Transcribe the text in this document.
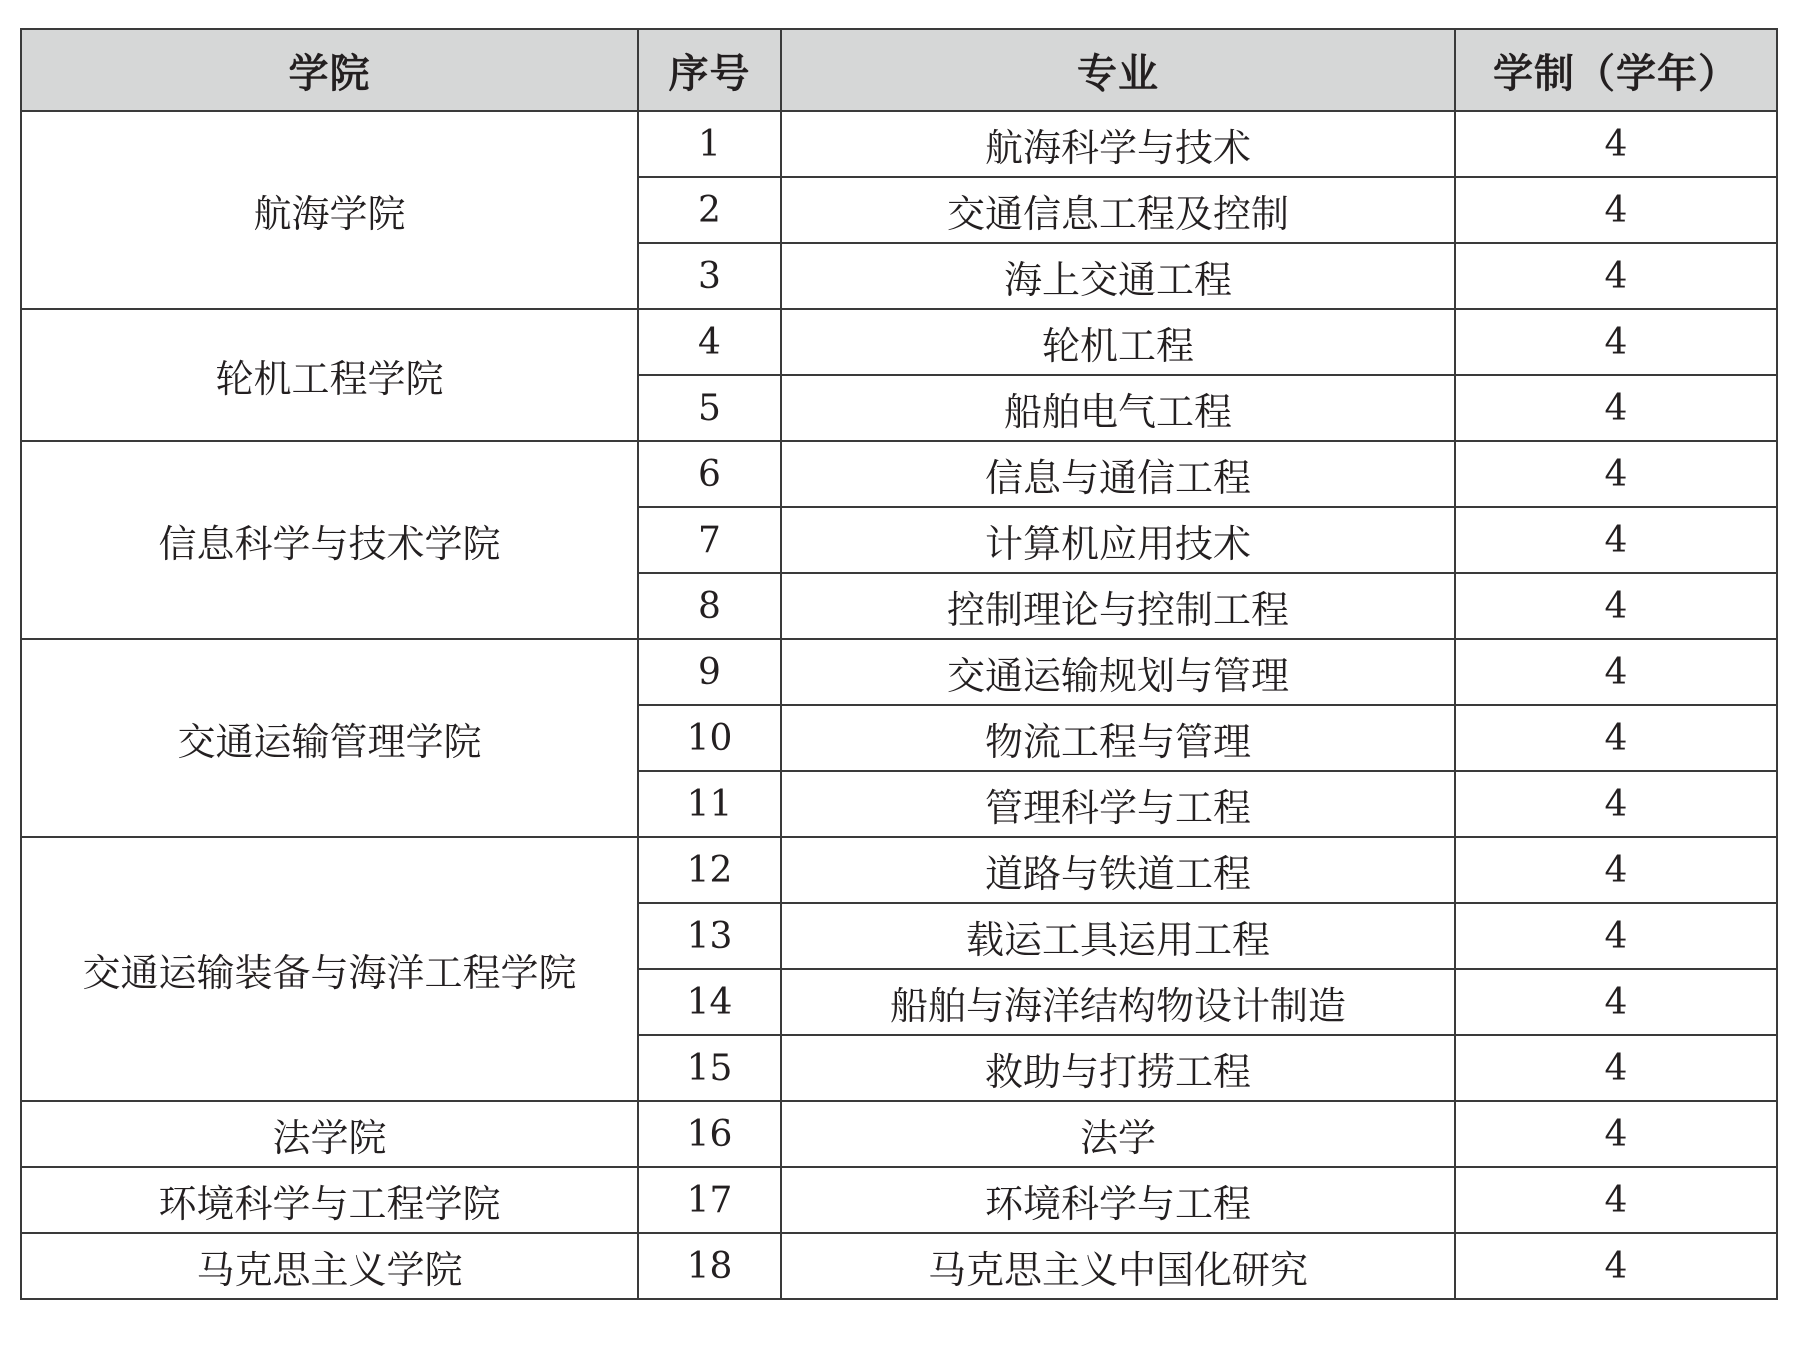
学院	序号	专业	学制（学年）
航海学院	1	航海科学与技术	4
	2	交通信息工程及控制	4
	3	海上交通工程	4
轮机工程学院	4	轮机工程	4
	5	船舶电气工程	4
信息科学与技术学院	6	信息与通信工程	4
	7	计算机应用技术	4
	8	控制理论与控制工程	4
交通运输管理学院	9	交通运输规划与管理	4
	10	物流工程与管理	4
	11	管理科学与工程	4
交通运输装备与海洋工程学院	12	道路与铁道工程	4
	13	载运工具运用工程	4
	14	船舶与海洋结构物设计制造	4
	15	救助与打捞工程	4
法学院	16	法学	4
环境科学与工程学院	17	环境科学与工程	4
马克思主义学院	18	马克思主义中国化研究	4
